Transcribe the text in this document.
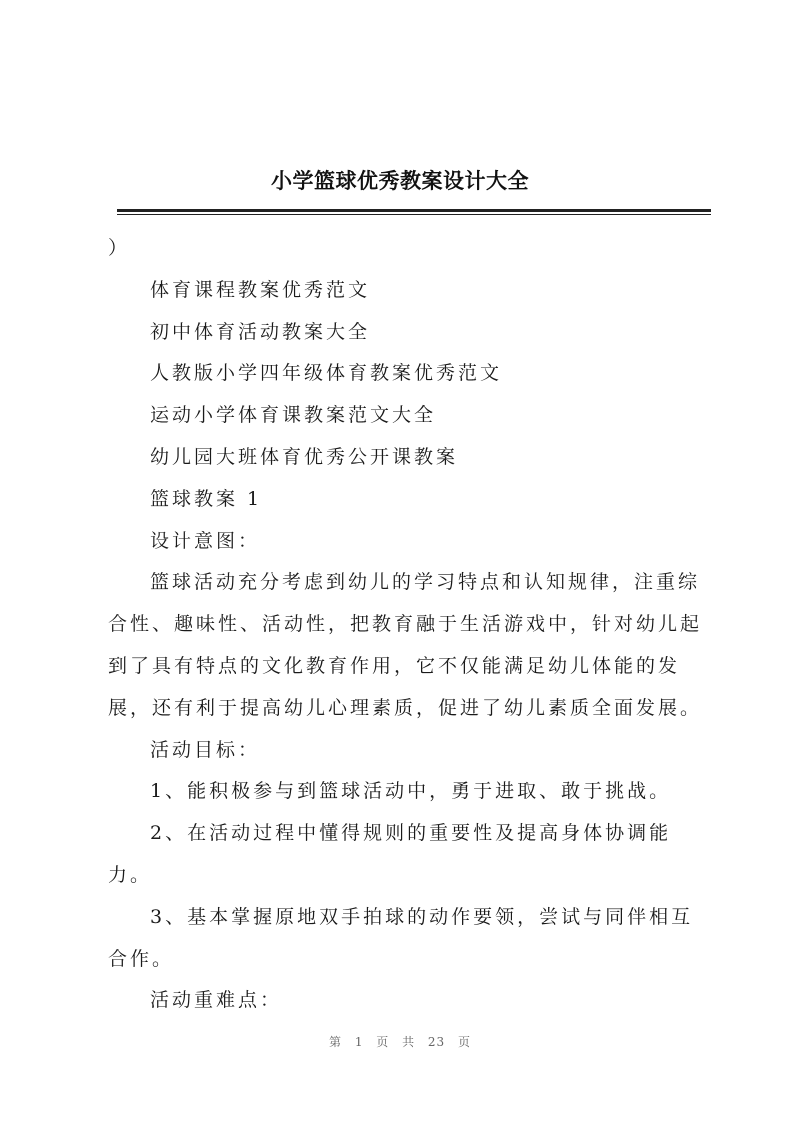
小学篮球优秀教案设计大全

）

体育课程教案优秀范文

初中体育活动教案大全

人教版小学四年级体育教案优秀范文

运动小学体育课教案范文大全

幼儿园大班体育优秀公开课教案

篮球教案 1

设计意图：

篮球活动充分考虑到幼儿的学习特点和认知规律，注重综合性、趣味性、活动性，把教育融于生活游戏中，针对幼儿起到了具有特点的文化教育作用，它不仅能满足幼儿体能的发展，还有利于提高幼儿心理素质，促进了幼儿素质全面发展。

活动目标：

1、能积极参与到篮球活动中，勇于进取、敢于挑战。

2、在活动过程中懂得规则的重要性及提高身体协调能力。

3、基本掌握原地双手拍球的动作要领，尝试与同伴相互合作。

活动重难点：

第 1 页 共 23 页
